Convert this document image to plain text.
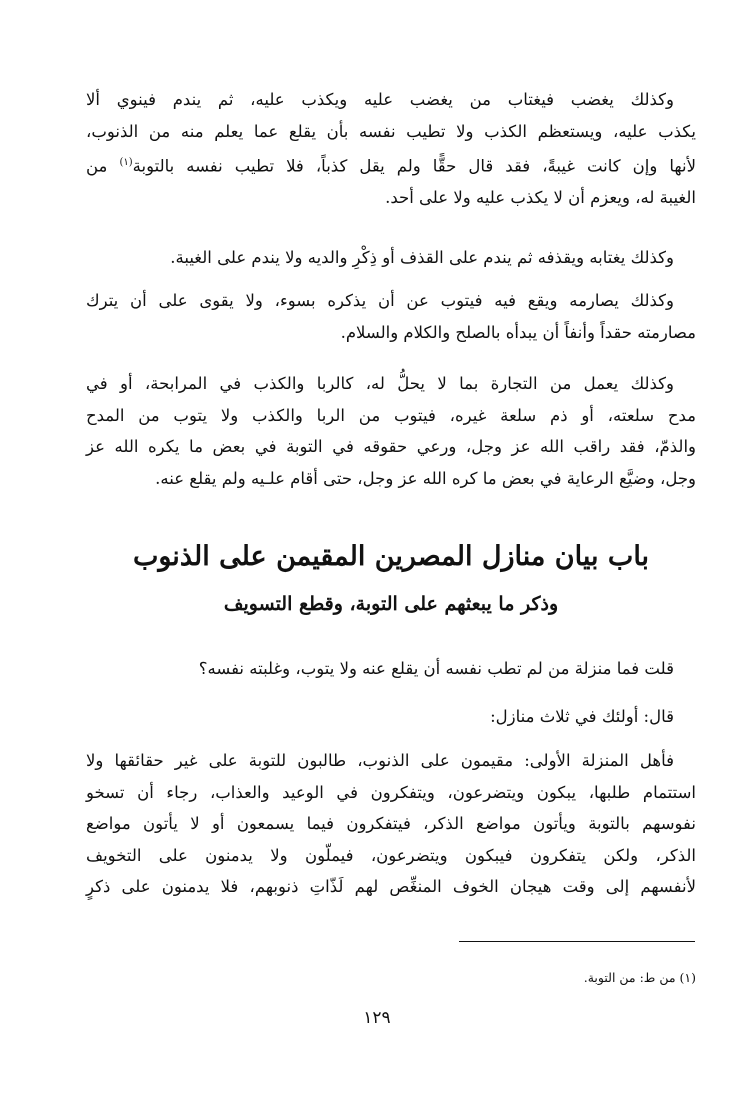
وكذلك يغضب فيغتاب من يغضب عليه ويكذب عليه، ثم يندم فينوي ألا
يكذب عليه، ويستعظم الكذب ولا تطيب نفسه بأن يقلع عما يعلم منه من الذنوب،
لأنها وإن كانت غيبةً، فقد قال حقًّا ولم يقل كذباً، فلا تطيب نفسه بالتوبة$^{(١)}$ من
الغيبة له، ويعزم أن لا يكذب عليه ولا على أحد.

وكذلك يغتابه ويقذفه ثم يندم على القذف أو ذِكْرِ والديه ولا يندم على الغيبة.

وكذلك يصارمه ويقع فيه فيتوب عن أن يذكره بسوء، ولا يقوى على أن يترك
مصارمته حقداً وأنفاً أن يبدأه بالصلح والكلام والسلام.

وكذلك يعمل من التجارة بما لا يحلُّ له، كالربا والكذب في المرابحة، أو في
مدح سلعته، أو ذم سلعة غيره، فيتوب من الربا والكذب ولا يتوب من المدح
والذمّ، فقد راقب الله عز وجل، ورعي حقوقه في التوبة في بعض ما يكره الله عز
وجل، وضيَّع الرعاية في بعض ما كره الله عز وجل، حتى أقام علـيه ولم يقلع عنه.

باب بيان منازل المصرين المقيمن على الذنوب
وذكر ما يبعثهم على التوبة، وقطع التسويف

قلت فما منزلة من لم تطب نفسه أن يقلع عنه ولا يتوب، وغلبته نفسه؟

قال: أولئك في ثلاث منازل:

فأهل المنزلة الأولى: مقيمون على الذنوب، طالبون للتوبة على غير حقائقها ولا
استتمام طلبها، يبكون ويتضرعون، ويتفكرون في الوعيد والعذاب، رجاء أن تسخو
نفوسهم بالتوبة ويأتون مواضع الذكر، فيتفكرون فيما يسمعون أو لا يأتون مواضع
الذكر، ولكن يتفكرون فيبكون ويتضرعون، فيملّون ولا يدمنون على التخويف
لأنفسهم إلى وقت هيجان الخوف المنغِّص لهم لَذّاتِ ذنوبهم، فلا يدمنون على ذكرٍ

(١) من ط: من التوبة.

١٢٩
